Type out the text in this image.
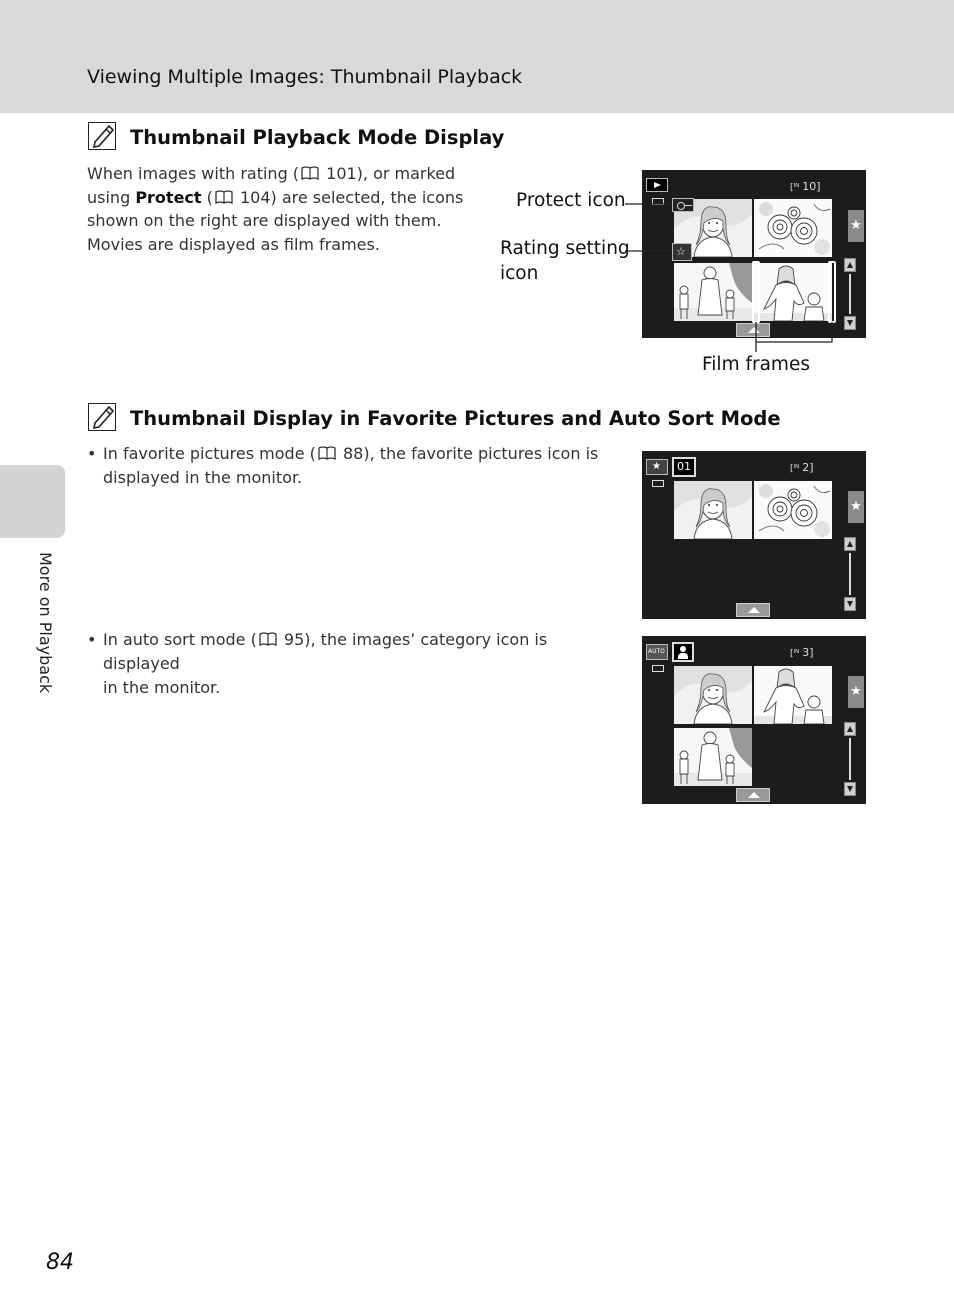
Viewing Multiple Images: Thumbnail Playback
More on Playback
Thumbnail Playback Mode Display
When images with rating ( 101), or marked
using Protect ( 104) are selected, the icons
shown on the right are displayed with them.
Movies are displayed as film frames.
Protect icon
Rating setting
icon
Film frames
[ᴵᴺ 10]
☆
★
Thumbnail Display in Favorite Pictures and Auto Sort Mode
• In favorite pictures mode ( 88), the favorite pictures icon is
displayed in the monitor.
• In auto sort mode ( 95), the images’ category icon is displayed
in the monitor.
★ 01	[ᴵᴺ 2]
★
AUTO	[ᴵᴺ 3]
★
84
